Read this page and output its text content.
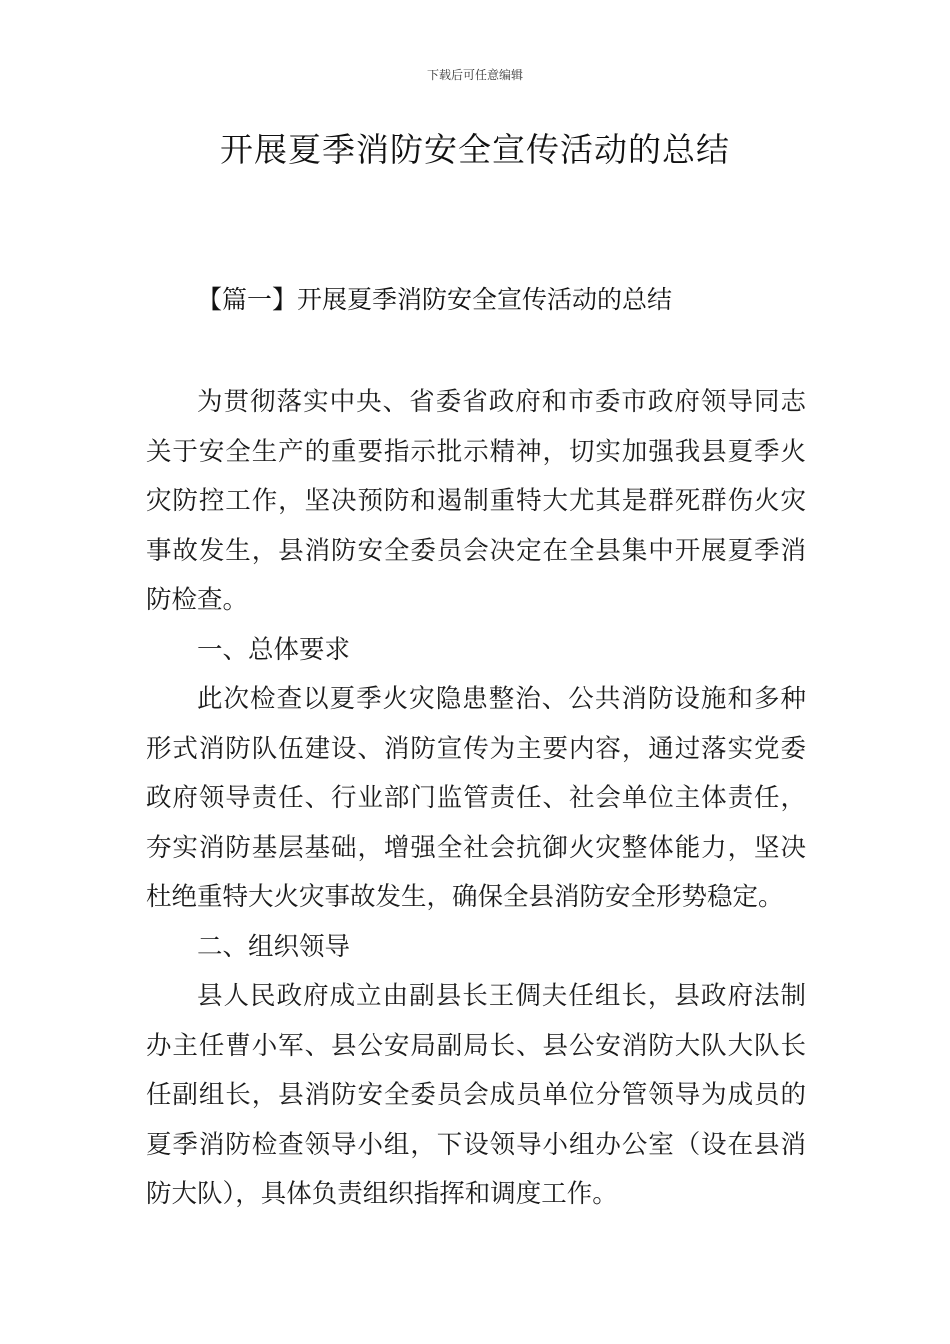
下载后可任意编辑
开展夏季消防安全宣传活动的总结
【篇一】开展夏季消防安全宣传活动的总结

为贯彻落实中央、省委省政府和市委市政府领导同志关于安全生产的重要指示批示精神，切实加强我县夏季火灾防控工作，坚决预防和遏制重特大尤其是群死群伤火灾事故发生，县消防安全委员会决定在全县集中开展夏季消防检查。

一、总体要求

此次检查以夏季火灾隐患整治、公共消防设施和多种形式消防队伍建设、消防宣传为主要内容，通过落实党委政府领导责任、行业部门监管责任、社会单位主体责任，夯实消防基层基础，增强全社会抗御火灾整体能力，坚决杜绝重特大火灾事故发生，确保全县消防安全形势稳定。

二、组织领导

县人民政府成立由副县长王倜夫任组长，县政府法制办主任曹小军、县公安局副局长、县公安消防大队大队长任副组长，县消防安全委员会成员单位分管领导为成员的夏季消防检查领导小组，下设领导小组办公室（设在县消防大队），具体负责组织指挥和调度工作。
